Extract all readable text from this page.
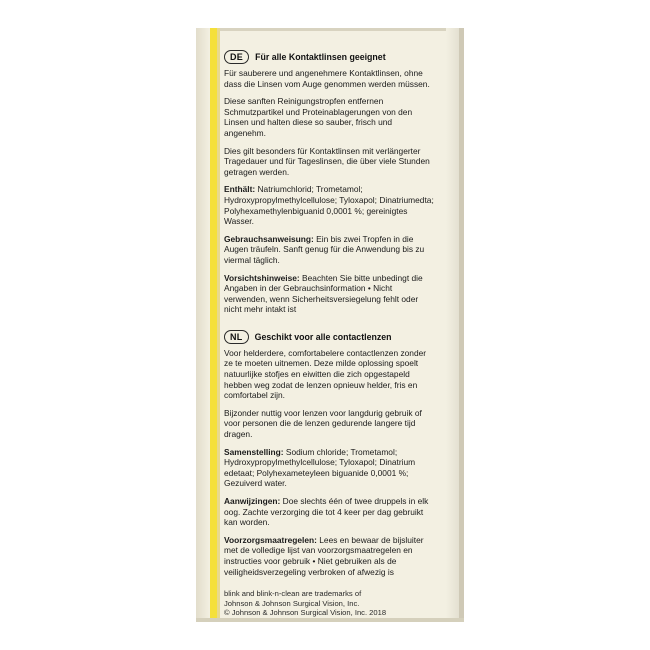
DE	Für alle Kontaktlinsen geeignet

Für sauberere und angenehmere Kontaktlinsen, ohne dass die Linsen vom Auge genommen werden müssen.

Diese sanften Reinigungstropfen entfernen Schmutzpartikel und Proteinablagerungen von den Linsen und halten diese so sauber, frisch und angenehm.

Dies gilt besonders für Kontaktlinsen mit verlängerter Tragedauer und für Tageslinsen, die über viele Stunden getragen werden.

Enthält: Natriumchlorid; Trometamol; Hydroxypropylmethylcellulose; Tyloxapol; Dinatriumedta; Polyhexamethylenbiguanid 0,0001 %; gereinigtes Wasser.

Gebrauchsanweisung: Ein bis zwei Tropfen in die Augen träufeln. Sanft genug für die Anwendung bis zu viermal täglich.

Vorsichtshinweise: Beachten Sie bitte unbedingt die Angaben in der Gebrauchsinformation • Nicht verwenden, wenn Sicherheitsversiegelung fehlt oder nicht mehr intakt ist

NL	Geschikt voor alle contactlenzen

Voor helderdere, comfortabelere contactlenzen zonder ze te moeten uitnemen. Deze milde oplossing spoelt natuurlijke stofjes en eiwitten die zich opgestapeld hebben weg zodat de lenzen opnieuw helder, fris en comfortabel zijn.

Bijzonder nuttig voor lenzen voor langdurig gebruik of voor personen die de lenzen gedurende langere tijd dragen.

Samenstelling: Sodium chloride; Trometamol; Hydroxypropylmethylcellulose; Tyloxapol; Dinatrium edetaat; Polyhexameteyleen biguanide 0,0001 %; Gezuiverd water.

Aanwijzingen: Doe slechts één of twee druppels in elk oog. Zachte verzorging die tot 4 keer per dag gebruikt kan worden.

Voorzorgsmaatregelen: Lees en bewaar de bijsluiter met de volledige lijst van voorzorgsmaatregelen en instructies voor gebruik • Niet gebruiken als de veiligheidsverzegeling verbroken of afwezig is

blink and blink-n-clean are trademarks of
Johnson & Johnson Surgical Vision, Inc.
© Johnson & Johnson Surgical Vision, Inc. 2018
